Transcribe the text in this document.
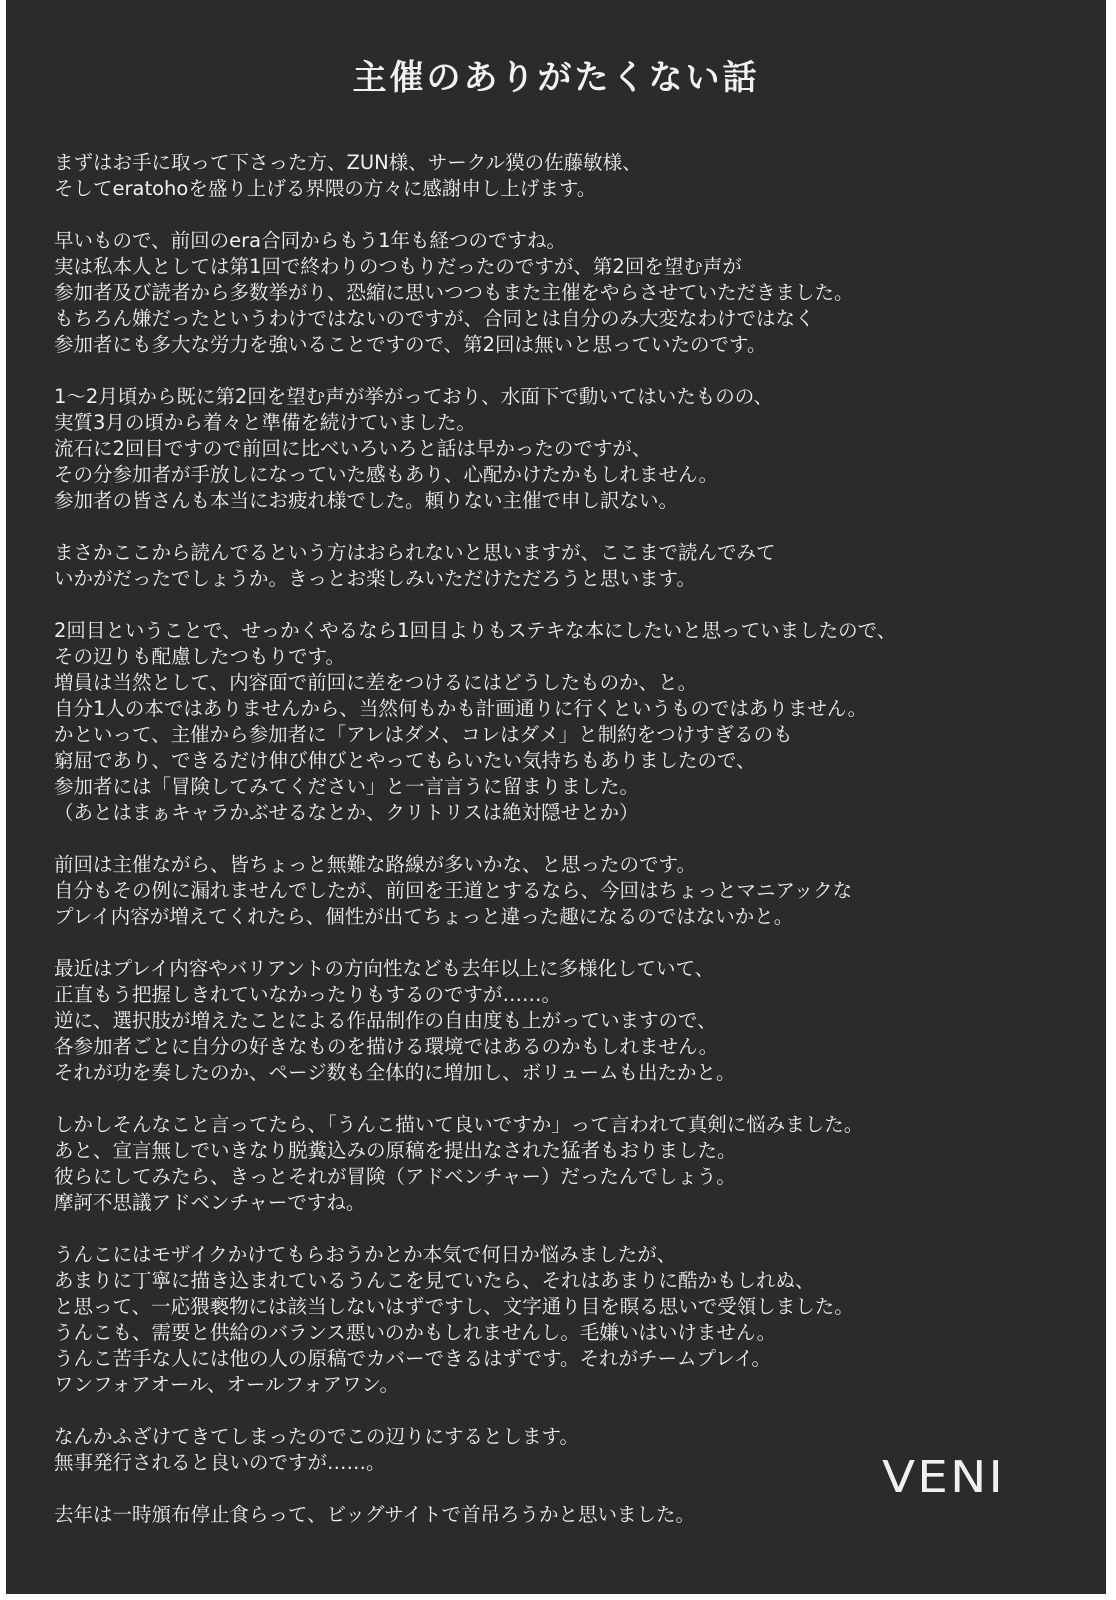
主催のありがたくない話
まずはお手に取って下さった方、ZUN様、サークル獏の佐藤敏様、
そしてeratohoを盛り上げる界隈の方々に感謝申し上げます。
早いもので、前回のera合同からもう1年も経つのですね。
実は私本人としては第1回で終わりのつもりだったのですが、第2回を望む声が
参加者及び読者から多数挙がり、恐縮に思いつつもまた主催をやらさせていただきました。
もちろん嫌だったというわけではないのですが、合同とは自分のみ大変なわけではなく
参加者にも多大な労力を強いることですので、第2回は無いと思っていたのです。
1～2月頃から既に第2回を望む声が挙がっており、水面下で動いてはいたものの、
実質3月の頃から着々と準備を続けていました。
流石に2回目ですので前回に比べいろいろと話は早かったのですが、
その分参加者が手放しになっていた感もあり、心配かけたかもしれません。
参加者の皆さんも本当にお疲れ様でした。頼りない主催で申し訳ない。
まさかここから読んでるという方はおられないと思いますが、ここまで読んでみて
いかがだったでしょうか。きっとお楽しみいただけただろうと思います。
2回目ということで、せっかくやるなら1回目よりもステキな本にしたいと思っていましたので、
その辺りも配慮したつもりです。
増員は当然として、内容面で前回に差をつけるにはどうしたものか、と。
自分1人の本ではありませんから、当然何もかも計画通りに行くというものではありません。
かといって、主催から参加者に「アレはダメ、コレはダメ」と制約をつけすぎるのも
窮屈であり、できるだけ伸び伸びとやってもらいたい気持ちもありましたので、
参加者には「冒険してみてください」と一言言うに留まりました。
（あとはまぁキャラかぶせるなとか、クリトリスは絶対隠せとか）
前回は主催ながら、皆ちょっと無難な路線が多いかな、と思ったのです。
自分もその例に漏れませんでしたが、前回を王道とするなら、今回はちょっとマニアックな
プレイ内容が増えてくれたら、個性が出てちょっと違った趣になるのではないかと。
最近はプレイ内容やバリアントの方向性なども去年以上に多様化していて、
正直もう把握しきれていなかったりもするのですが……。
逆に、選択肢が増えたことによる作品制作の自由度も上がっていますので、
各参加者ごとに自分の好きなものを描ける環境ではあるのかもしれません。
それが功を奏したのか、ページ数も全体的に増加し、ボリュームも出たかと。
しかしそんなこと言ってたら、「うんこ描いて良いですか」って言われて真剣に悩みました。
あと、宣言無しでいきなり脱糞込みの原稿を提出なされた猛者もおりました。
彼らにしてみたら、きっとそれが冒険（アドベンチャー）だったんでしょう。
摩訶不思議アドベンチャーですね。
うんこにはモザイクかけてもらおうかとか本気で何日か悩みましたが、
あまりに丁寧に描き込まれているうんこを見ていたら、それはあまりに酷かもしれぬ、
と思って、一応猥褻物には該当しないはずですし、文字通り目を瞑る思いで受領しました。
うんこも、需要と供給のバランス悪いのかもしれませんし。毛嫌いはいけません。
うんこ苦手な人には他の人の原稿でカバーできるはずです。それがチームプレイ。
ワンフォアオール、オールフォアワン。
なんかふざけてきてしまったのでこの辺りにするとします。
無事発行されると良いのですが……。
去年は一時頒布停止食らって、ビッグサイトで首吊ろうかと思いました。
VENI
